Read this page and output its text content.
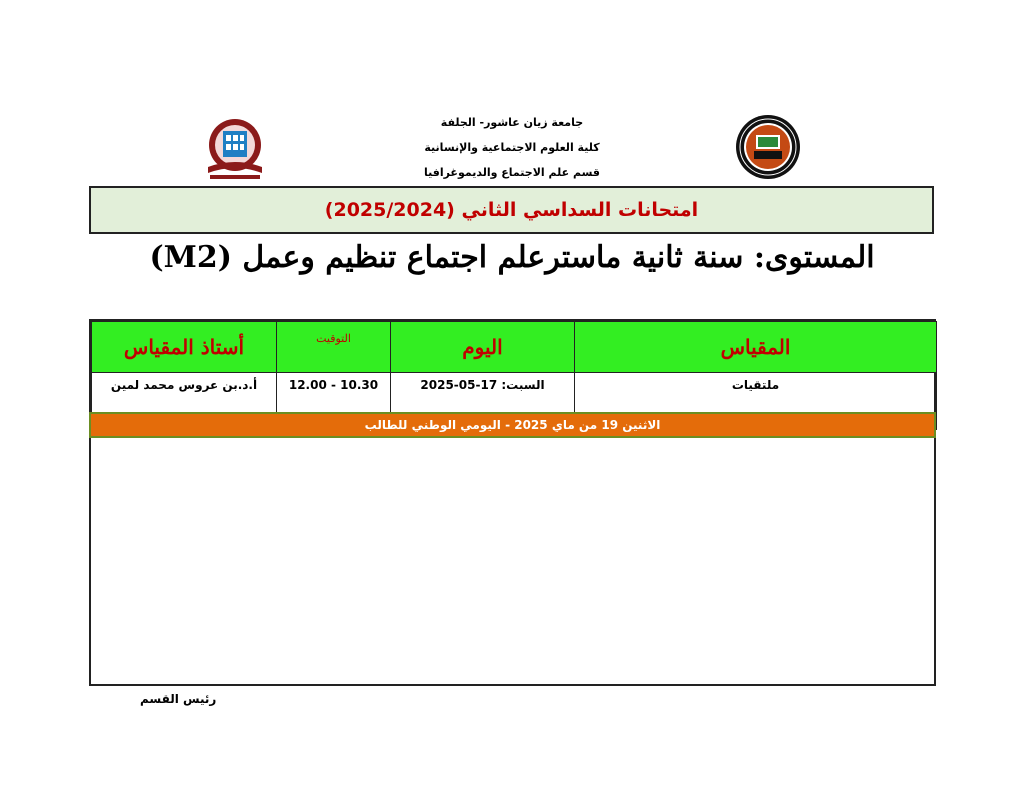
جامعة زيان عاشور- الجلفة
كلية العلوم الاجتماعية والإنسانية
قسم علم الاجتماع والديموغرافيا
امتحانات السداسي الثاني (2025/2024)
المستوى: سنة ثانية ماسترعلم اجتماع تنظيم وعمل (M2)
المقياس	اليوم	التوقيت	أستاذ المقياس
ملتقيات	السبت: 17-05-2025	10.30 - 12.00	أ.د.بن عروس محمد لمين
الاثنين 19 من ماي 2025 - اليومي الوطني للطالب
رئيس القسم
